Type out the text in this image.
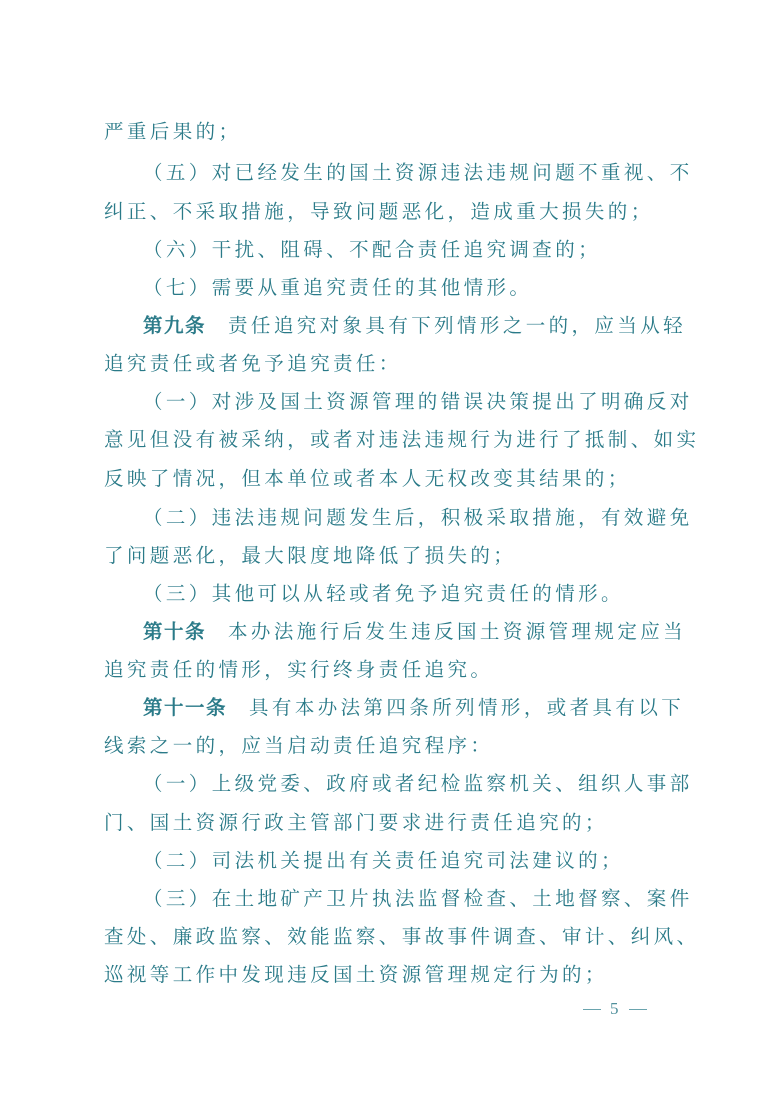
严重后果的；
（五）对已经发生的国土资源违法违规问题不重视、不
纠正、不采取措施，导致问题恶化，造成重大损失的；
（六）干扰、阻碍、不配合责任追究调查的；
（七）需要从重追究责任的其他情形。
第九条 责任追究对象具有下列情形之一的，应当从轻
追究责任或者免予追究责任：
（一）对涉及国土资源管理的错误决策提出了明确反对
意见但没有被采纳，或者对违法违规行为进行了抵制、如实
反映了情况，但本单位或者本人无权改变其结果的；
（二）违法违规问题发生后，积极采取措施，有效避免
了问题恶化，最大限度地降低了损失的；
（三）其他可以从轻或者免予追究责任的情形。
第十条 本办法施行后发生违反国土资源管理规定应当
追究责任的情形，实行终身责任追究。
第十一条 具有本办法第四条所列情形，或者具有以下
线索之一的，应当启动责任追究程序：
（一）上级党委、政府或者纪检监察机关、组织人事部
门、国土资源行政主管部门要求进行责任追究的；
（二）司法机关提出有关责任追究司法建议的；
（三）在土地矿产卫片执法监督检查、土地督察、案件
查处、廉政监察、效能监察、事故事件调查、审计、纠风、
巡视等工作中发现违反国土资源管理规定行为的；
5
